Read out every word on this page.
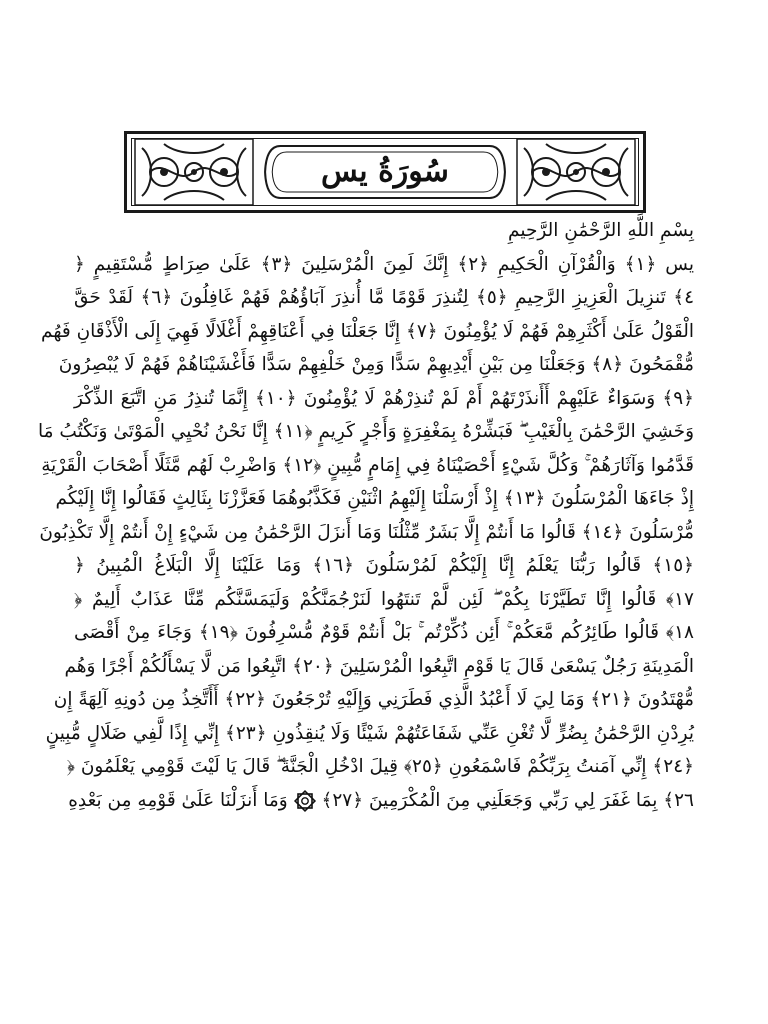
سُورَةُ يس
بِسْمِ اللَّهِ الرَّحْمَٰنِ الرَّحِيمِ
يس ﴿١﴾ وَالْقُرْآنِ الْحَكِيمِ ﴿٢﴾ إِنَّكَ لَمِنَ الْمُرْسَلِينَ ﴿٣﴾ عَلَىٰ صِرَاطٍ مُّسْتَقِيمٍ ﴿
٤﴾ تَنزِيلَ الْعَزِيزِ الرَّحِيمِ ﴿٥﴾ لِتُنذِرَ قَوْمًا مَّا أُنذِرَ آبَاؤُهُمْ فَهُمْ غَافِلُونَ ﴿٦﴾ لَقَدْ حَقَّ
الْقَوْلُ عَلَىٰ أَكْثَرِهِمْ فَهُمْ لَا يُؤْمِنُونَ ﴿٧﴾ إِنَّا جَعَلْنَا فِي أَعْنَاقِهِمْ أَغْلَالًا فَهِيَ إِلَى الْأَذْقَانِ فَهُم
مُّقْمَحُونَ ﴿٨﴾ وَجَعَلْنَا مِن بَيْنِ أَيْدِيهِمْ سَدًّا وَمِنْ خَلْفِهِمْ سَدًّا فَأَغْشَيْنَاهُمْ فَهُمْ لَا يُبْصِرُونَ
﴿٩﴾ وَسَوَاءٌ عَلَيْهِمْ أَأَنذَرْتَهُمْ أَمْ لَمْ تُنذِرْهُمْ لَا يُؤْمِنُونَ ﴿١٠﴾ إِنَّمَا تُنذِرُ مَنِ اتَّبَعَ الذِّكْرَ
وَخَشِيَ الرَّحْمَٰنَ بِالْغَيْبِ ۖ فَبَشِّرْهُ بِمَغْفِرَةٍ وَأَجْرٍ كَرِيمٍ ﴿١١﴾ إِنَّا نَحْنُ نُحْيِي الْمَوْتَىٰ وَنَكْتُبُ مَا
قَدَّمُوا وَآثَارَهُمْ ۚ وَكُلَّ شَيْءٍ أَحْصَيْنَاهُ فِي إِمَامٍ مُّبِينٍ ﴿١٢﴾ وَاضْرِبْ لَهُم مَّثَلًا أَصْحَابَ الْقَرْيَةِ
إِذْ جَاءَهَا الْمُرْسَلُونَ ﴿١٣﴾ إِذْ أَرْسَلْنَا إِلَيْهِمُ اثْنَيْنِ فَكَذَّبُوهُمَا فَعَزَّزْنَا بِثَالِثٍ فَقَالُوا إِنَّا إِلَيْكُم
مُّرْسَلُونَ ﴿١٤﴾ قَالُوا مَا أَنتُمْ إِلَّا بَشَرٌ مِّثْلُنَا وَمَا أَنزَلَ الرَّحْمَٰنُ مِن شَيْءٍ إِنْ أَنتُمْ إِلَّا تَكْذِبُونَ
﴿١٥﴾ قَالُوا رَبُّنَا يَعْلَمُ إِنَّا إِلَيْكُمْ لَمُرْسَلُونَ ﴿١٦﴾ وَمَا عَلَيْنَا إِلَّا الْبَلَاغُ الْمُبِينُ ﴿
١٧﴾ قَالُوا إِنَّا تَطَيَّرْنَا بِكُمْ ۖ لَئِن لَّمْ تَنتَهُوا لَنَرْجُمَنَّكُمْ وَلَيَمَسَّنَّكُم مِّنَّا عَذَابٌ أَلِيمٌ ﴿
١٨﴾ قَالُوا طَائِرُكُم مَّعَكُمْ ۚ أَئِن ذُكِّرْتُم ۚ بَلْ أَنتُمْ قَوْمٌ مُّسْرِفُونَ ﴿١٩﴾ وَجَاءَ مِنْ أَقْصَى
الْمَدِينَةِ رَجُلٌ يَسْعَىٰ قَالَ يَا قَوْمِ اتَّبِعُوا الْمُرْسَلِينَ ﴿٢٠﴾ اتَّبِعُوا مَن لَّا يَسْأَلُكُمْ أَجْرًا وَهُم
مُّهْتَدُونَ ﴿٢١﴾ وَمَا لِيَ لَا أَعْبُدُ الَّذِي فَطَرَنِي وَإِلَيْهِ تُرْجَعُونَ ﴿٢٢﴾ أَأَتَّخِذُ مِن دُونِهِ آلِهَةً إِن
يُرِدْنِ الرَّحْمَٰنُ بِضُرٍّ لَّا تُغْنِ عَنِّي شَفَاعَتُهُمْ شَيْئًا وَلَا يُنقِذُونِ ﴿٢٣﴾ إِنِّي إِذًا لَّفِي ضَلَالٍ مُّبِينٍ
﴿٢٤﴾ إِنِّي آمَنتُ بِرَبِّكُمْ فَاسْمَعُونِ ﴿٢٥﴾ قِيلَ ادْخُلِ الْجَنَّةَ ۖ قَالَ يَا لَيْتَ قَوْمِي يَعْلَمُونَ ﴿
٢٦﴾ بِمَا غَفَرَ لِي رَبِّي وَجَعَلَنِي مِنَ الْمُكْرَمِينَ ﴿٢٧﴾  وَمَا أَنزَلْنَا عَلَىٰ قَوْمِهِ مِن بَعْدِهِ
